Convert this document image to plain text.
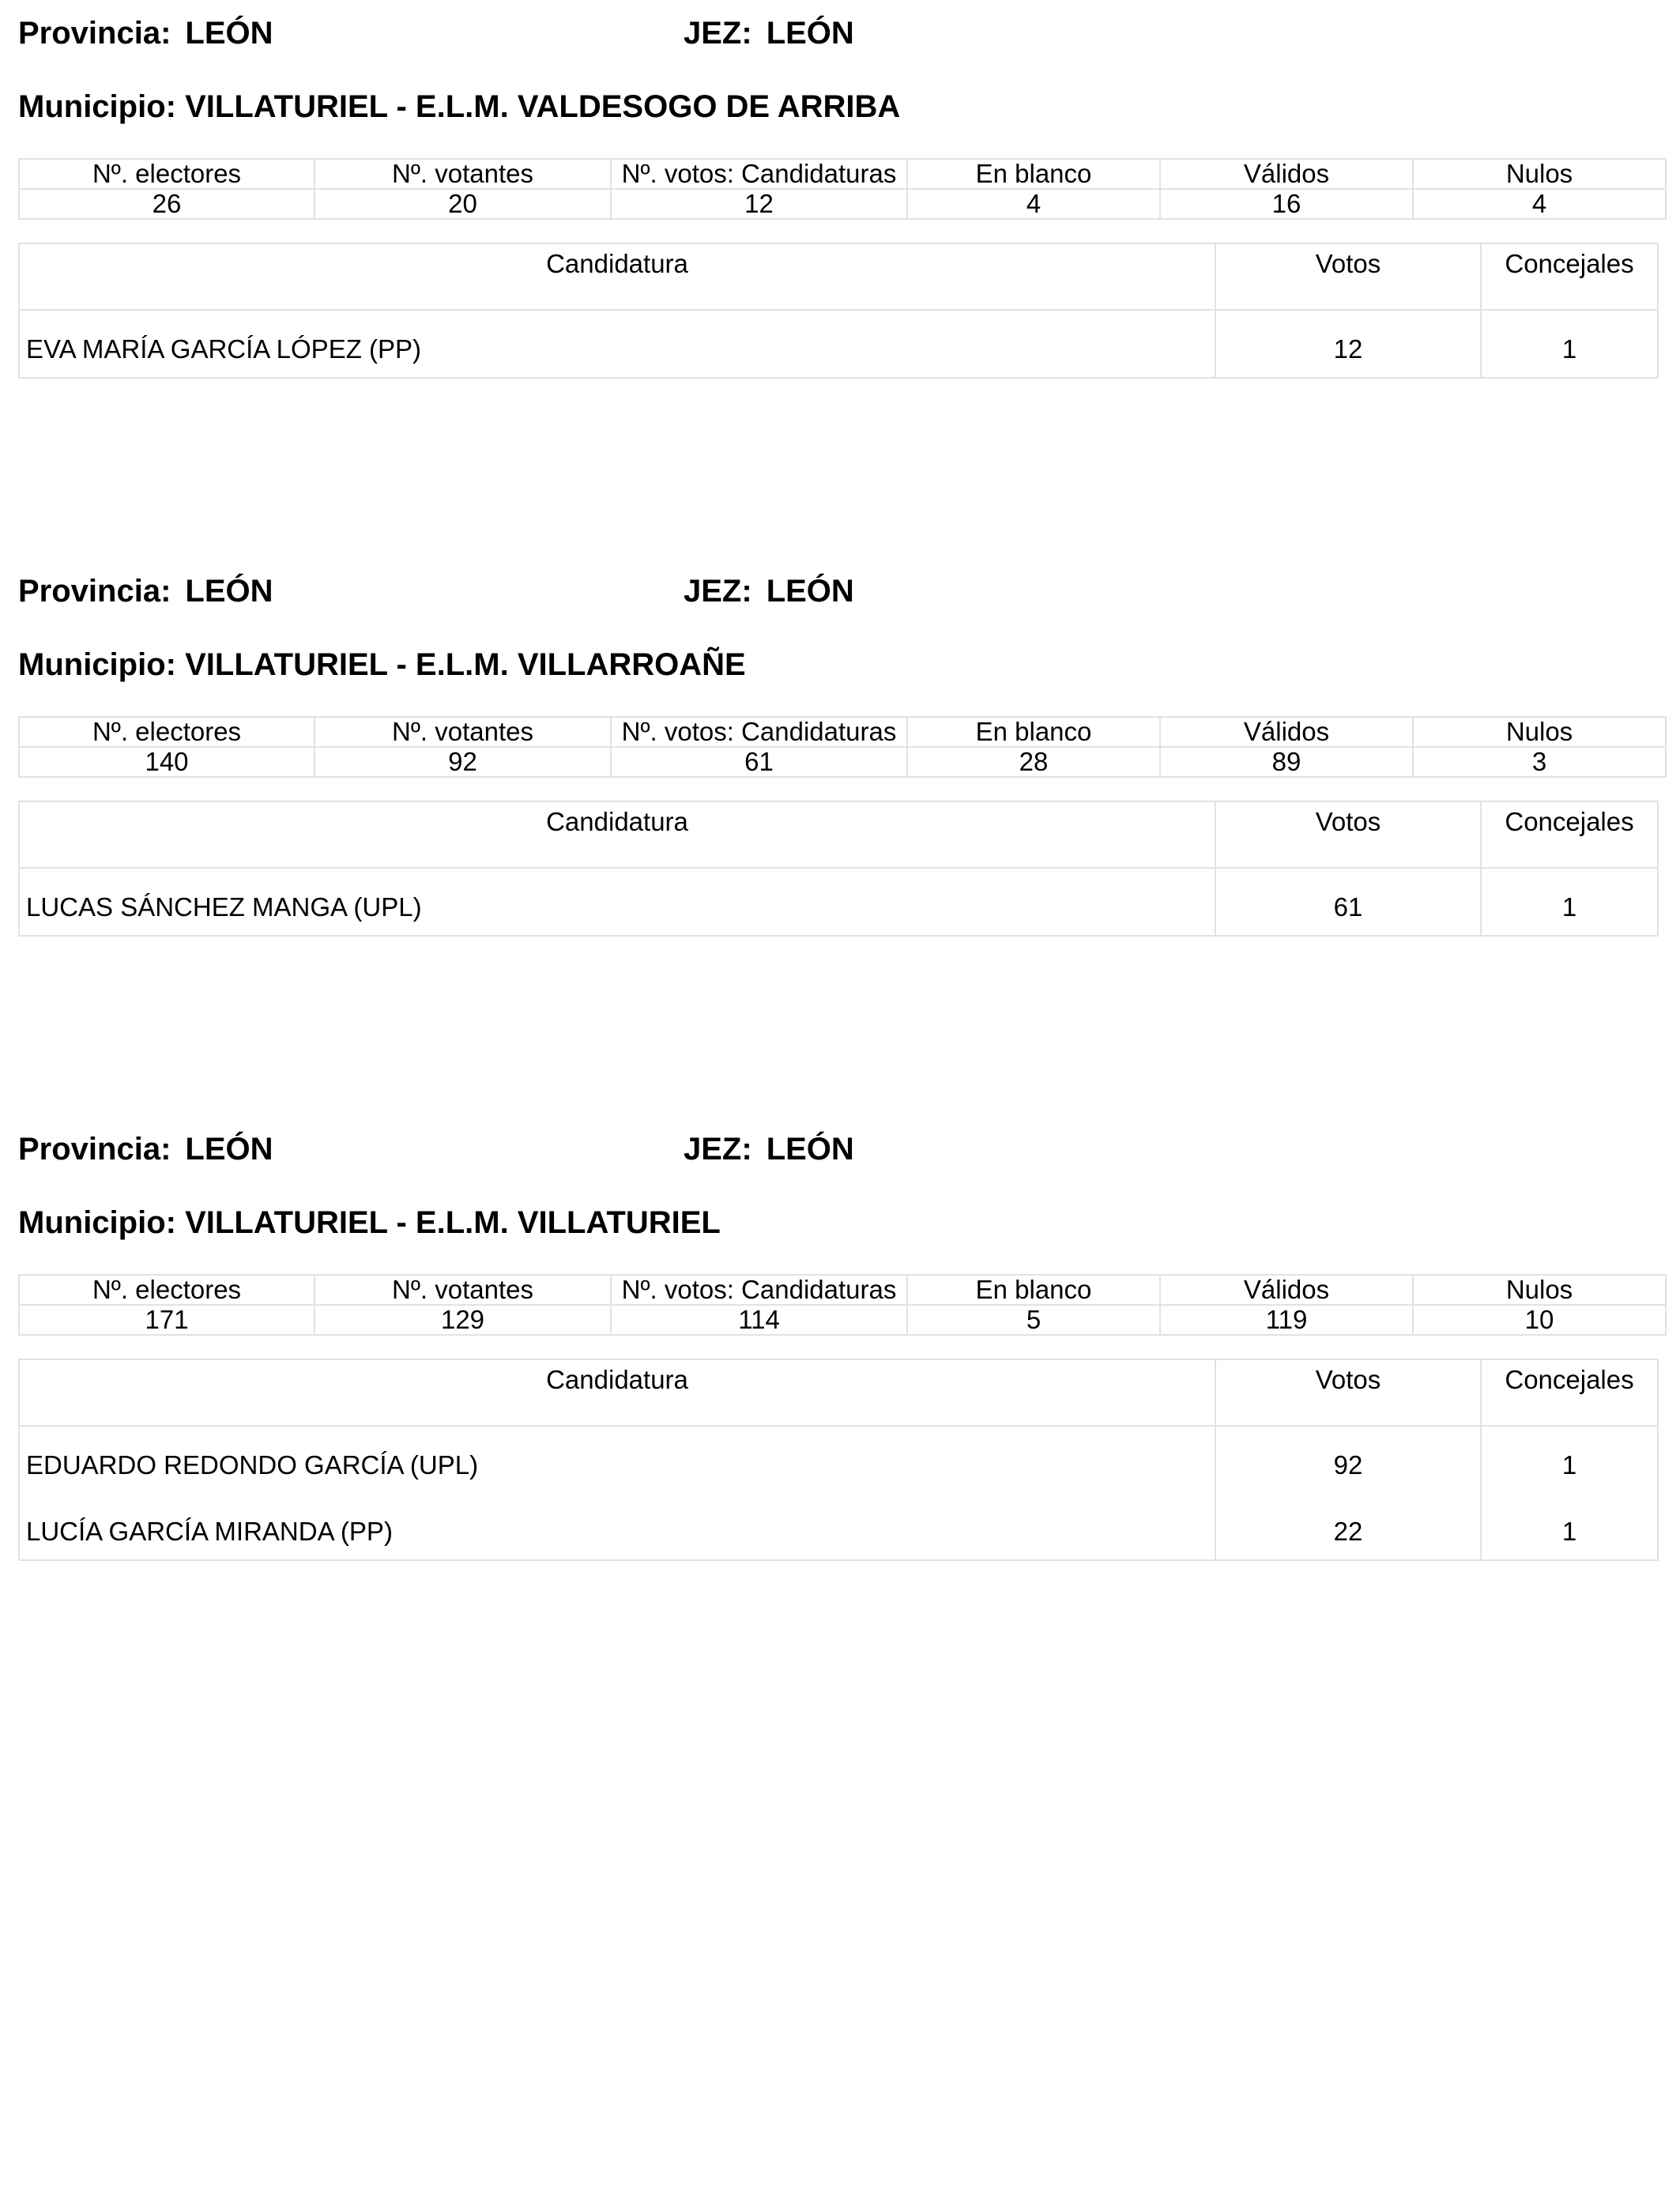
Provincia: LEÓN	JEZ: LEÓN
Municipio: VILLATURIEL - E.L.M. VALDESOGO DE ARRIBA
Nº. electores	Nº. votantes	Nº. votos: Candidaturas	En blanco	Válidos	Nulos
26	20	12	4	16	4
Candidatura	Votos	Concejales
EVA MARÍA GARCÍA LÓPEZ (PP)	12	1
Provincia: LEÓN	JEZ: LEÓN
Municipio: VILLATURIEL - E.L.M. VILLARROAÑE
Nº. electores	Nº. votantes	Nº. votos: Candidaturas	En blanco	Válidos	Nulos
140	92	61	28	89	3
Candidatura	Votos	Concejales
LUCAS SÁNCHEZ MANGA (UPL)	61	1
Provincia: LEÓN	JEZ: LEÓN
Municipio: VILLATURIEL - E.L.M. VILLATURIEL
Nº. electores	Nº. votantes	Nº. votos: Candidaturas	En blanco	Válidos	Nulos
171	129	114	5	119	10
Candidatura	Votos	Concejales
EDUARDO REDONDO GARCÍA (UPL)	92	1
LUCÍA GARCÍA MIRANDA (PP)	22	1
